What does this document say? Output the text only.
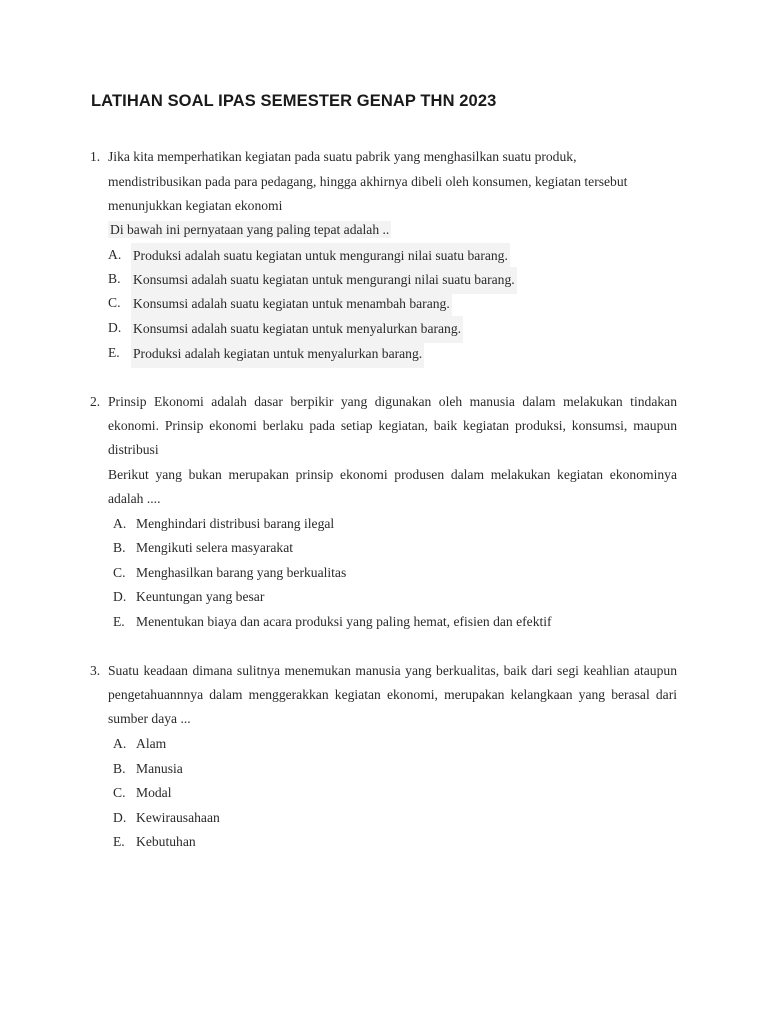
LATIHAN SOAL IPAS SEMESTER GENAP THN 2023
1. Jika kita memperhatikan kegiatan pada suatu pabrik yang menghasilkan suatu produk,
mendistribusikan pada para pedagang, hingga akhirnya dibeli oleh konsumen, kegiatan tersebut
menunjukkan kegiatan ekonomi
Di bawah ini pernyataan yang paling tepat adalah ..
A. Produksi adalah suatu kegiatan untuk mengurangi nilai suatu barang.
B. Konsumsi adalah suatu kegiatan untuk mengurangi nilai suatu barang.
C. Konsumsi adalah suatu kegiatan untuk menambah barang.
D. Konsumsi adalah suatu kegiatan untuk menyalurkan barang.
E. Produksi adalah kegiatan untuk menyalurkan barang.
2. Prinsip Ekonomi adalah dasar berpikir yang digunakan oleh manusia dalam melakukan tindakan
ekonomi. Prinsip ekonomi berlaku pada setiap kegiatan, baik kegiatan produksi, konsumsi, maupun
distribusi
Berikut yang bukan merupakan prinsip ekonomi produsen dalam melakukan kegiatan ekonominya
adalah ....
A. Menghindari distribusi barang ilegal
B. Mengikuti selera masyarakat
C. Menghasilkan barang yang berkualitas
D. Keuntungan yang besar
E. Menentukan biaya dan acara produksi yang paling hemat, efisien dan efektif
3. Suatu keadaan dimana sulitnya menemukan manusia yang berkualitas, baik dari segi keahlian ataupun
pengetahuannnya dalam menggerakkan kegiatan ekonomi, merupakan kelangkaan yang berasal dari
sumber daya ...
A. Alam
B. Manusia
C. Modal
D. Kewirausahaan
E. Kebutuhan
